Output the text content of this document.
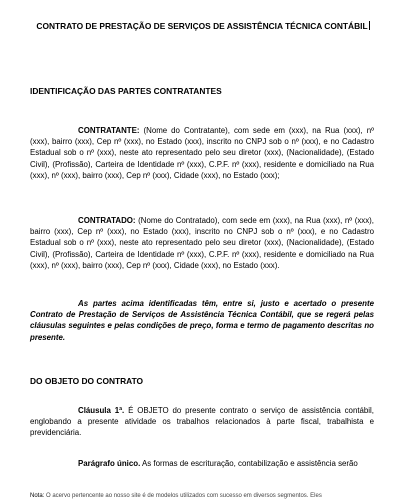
CONTRATO DE PRESTAÇÃO DE SERVIÇOS DE ASSISTÊNCIA TÉCNICA CONTÁBIL

IDENTIFICAÇÃO DAS PARTES CONTRATANTES

CONTRATANTE: (Nome do Contratante), com sede em (xxx), na Rua (xxx), nº (xxx), bairro (xxx), Cep nº (xxx), no Estado (xxx), inscrito no CNPJ sob o nº (xxx), e no Cadastro Estadual sob o nº (xxx), neste ato representado pelo seu diretor (xxx), (Nacionalidade), (Estado Civil), (Profissão), Carteira de Identidade nº (xxx), C.P.F. nº (xxx), residente e domiciliado na Rua (xxx), nº (xxx), bairro (xxx), Cep nº (xxx), Cidade (xxx), no Estado (xxx);

CONTRATADO: (Nome do Contratado), com sede em (xxx), na Rua (xxx), nº (xxx), bairro (xxx), Cep nº (xxx), no Estado (xxx), inscrito no CNPJ sob o nº (xxx), e no Cadastro Estadual sob o nº (xxx), neste ato representado pelo seu diretor (xxx), (Nacionalidade), (Estado Civil), (Profissão), Carteira de Identidade nº (xxx), C.P.F. nº (xxx), residente e domiciliado na Rua (xxx), nº (xxx), bairro (xxx), Cep nº (xxx), Cidade (xxx), no Estado (xxx).

As partes acima identificadas têm, entre si, justo e acertado o presente Contrato de Prestação de Serviços de Assistência Técnica Contábil, que se regerá pelas cláusulas seguintes e pelas condições de preço, forma e termo de pagamento descritas no presente.

DO OBJETO DO CONTRATO

Cláusula 1ª. É OBJETO do presente contrato o serviço de assistência contábil, englobando a presente atividade os trabalhos relacionados à parte fiscal, trabalhista e previdenciária.

Parágrafo único. As formas de escrituração, contabilização e assistência serão

Nota: O acervo pertencente ao nosso site é de modelos utilizados com sucesso em diversos segmentos. Eles
